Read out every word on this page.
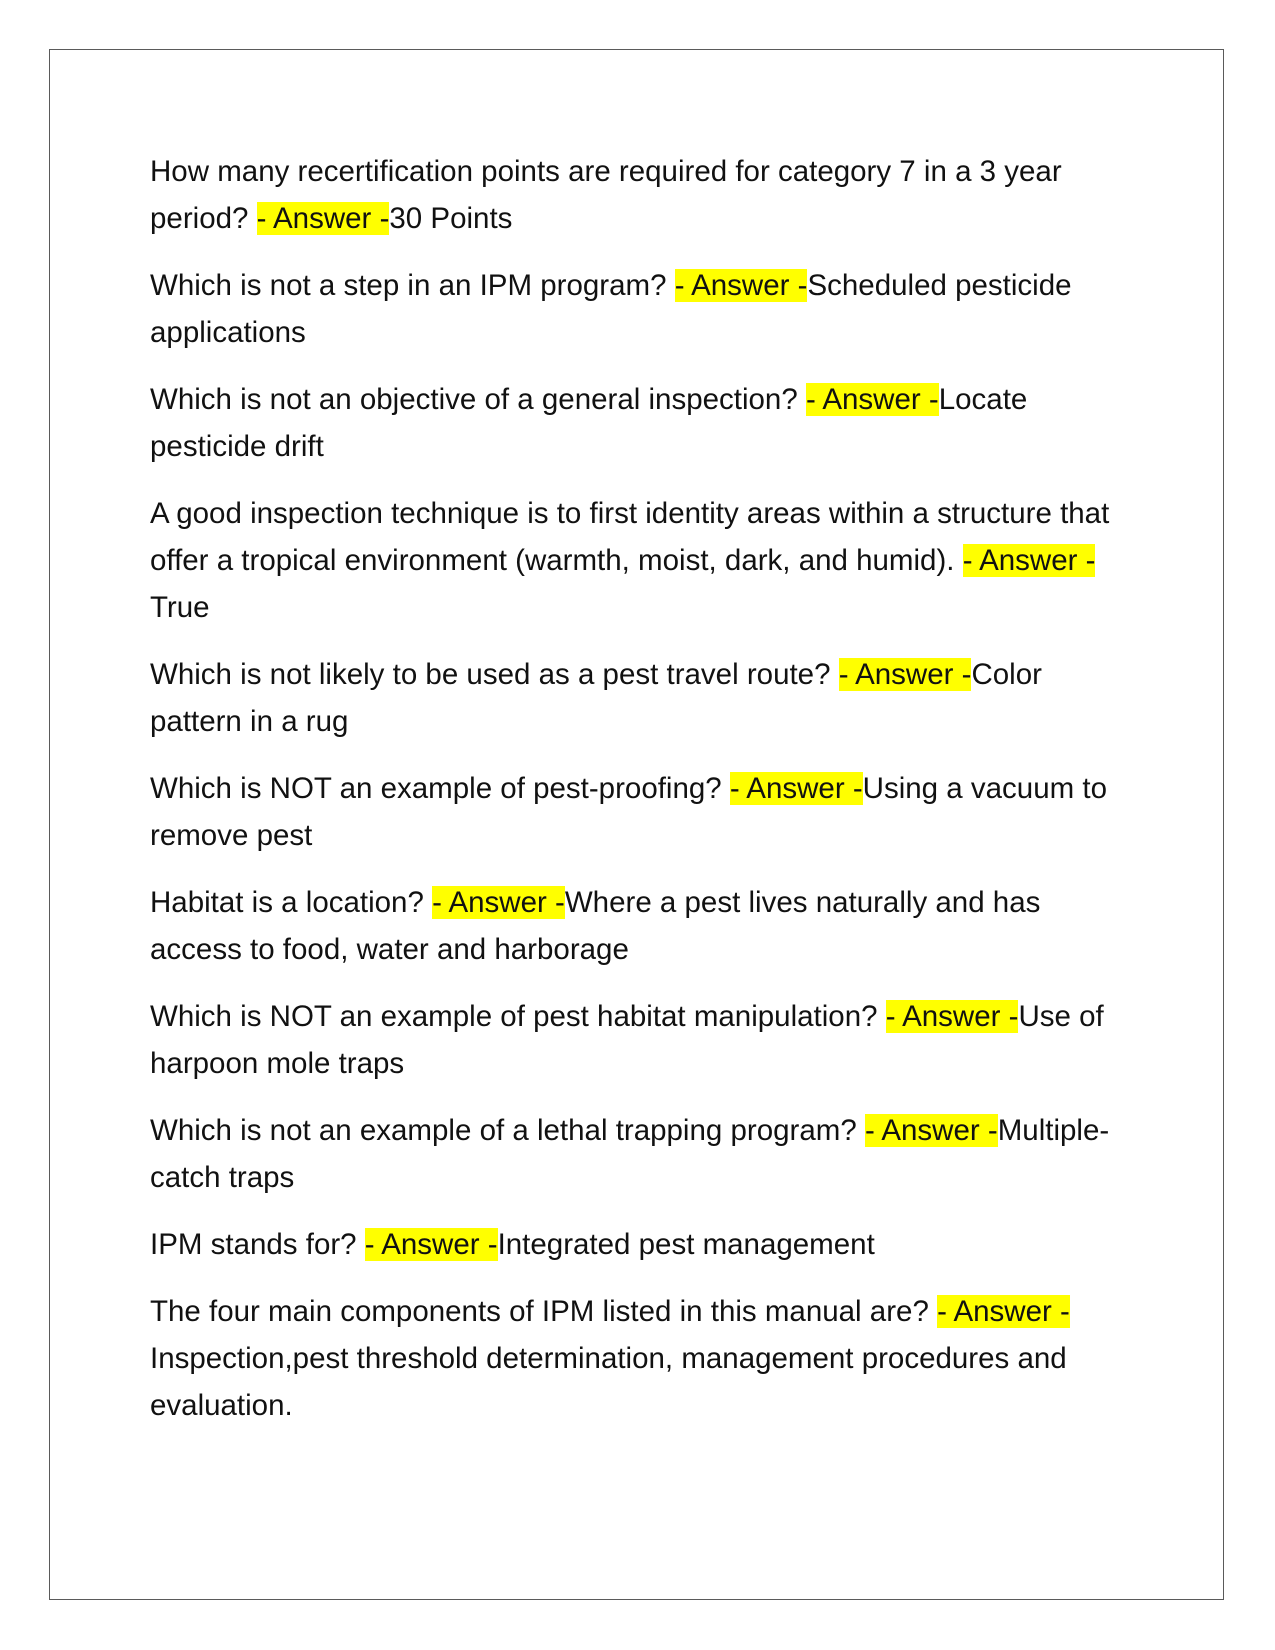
How many recertification points are required for category 7 in a 3 year period? - Answer -30 Points

Which is not a step in an IPM program? - Answer -Scheduled pesticide applications

Which is not an objective of a general inspection? - Answer -Locate pesticide drift

A good inspection technique is to first identity areas within a structure that offer a tropical environment (warmth, moist, dark, and humid). - Answer -True

Which is not likely to be used as a pest travel route? - Answer -Color pattern in a rug

Which is NOT an example of pest-proofing? - Answer -Using a vacuum to remove pest

Habitat is a location? - Answer -Where a pest lives naturally and has access to food, water and harborage

Which is NOT an example of pest habitat manipulation? - Answer -Use of harpoon mole traps

Which is not an example of a lethal trapping program? - Answer -Multiple-catch traps

IPM stands for? - Answer -Integrated pest management

The four main components of IPM listed in this manual are? - Answer -Inspection,pest threshold determination, management procedures and evaluation.
